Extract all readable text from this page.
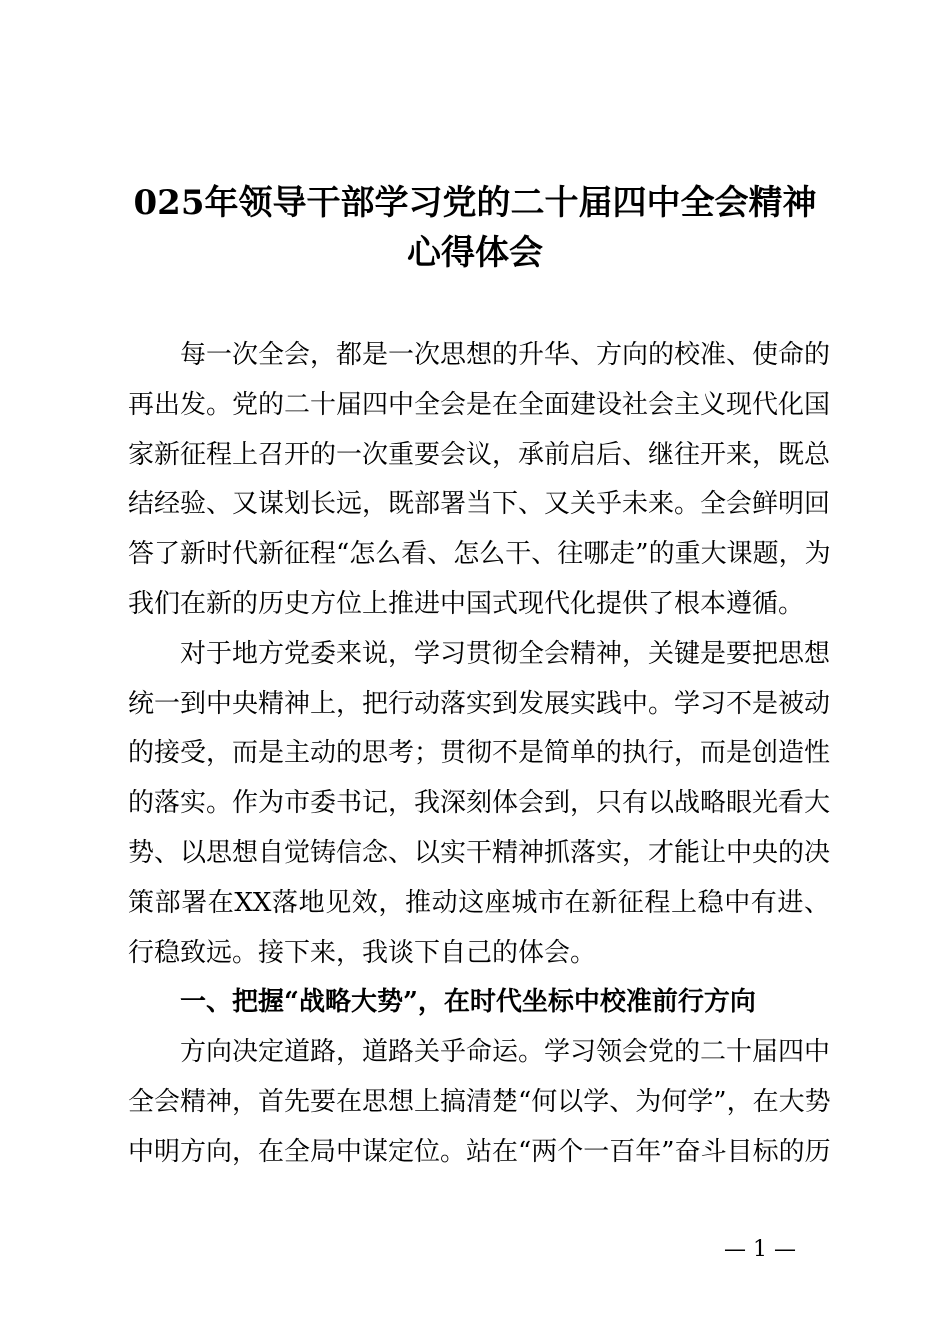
025年领导干部学习党的二十届四中全会精神
心得体会
每一次全会，都是一次思想的升华、方向的校准、使命的
再出发。党的二十届四中全会是在全面建设社会主义现代化国
家新征程上召开的一次重要会议，承前启后、继往开来，既总
结经验、又谋划长远，既部署当下、又关乎未来。全会鲜明回
答了新时代新征程“怎么看、怎么干、往哪走”的重大课题，为
我们在新的历史方位上推进中国式现代化提供了根本遵循。
对于地方党委来说，学习贯彻全会精神，关键是要把思想
统一到中央精神上，把行动落实到发展实践中。学习不是被动
的接受，而是主动的思考；贯彻不是简单的执行，而是创造性
的落实。作为市委书记，我深刻体会到，只有以战略眼光看大
势、以思想自觉铸信念、以实干精神抓落实，才能让中央的决
策部署在XX落地见效，推动这座城市在新征程上稳中有进、
行稳致远。接下来，我谈下自己的体会。
一、把握“战略大势”，在时代坐标中校准前行方向
方向决定道路，道路关乎命运。学习领会党的二十届四中
全会精神，首先要在思想上搞清楚“何以学、为何学”，在大势
中明方向，在全局中谋定位。站在“两个一百年”奋斗目标的历
— 1 —
